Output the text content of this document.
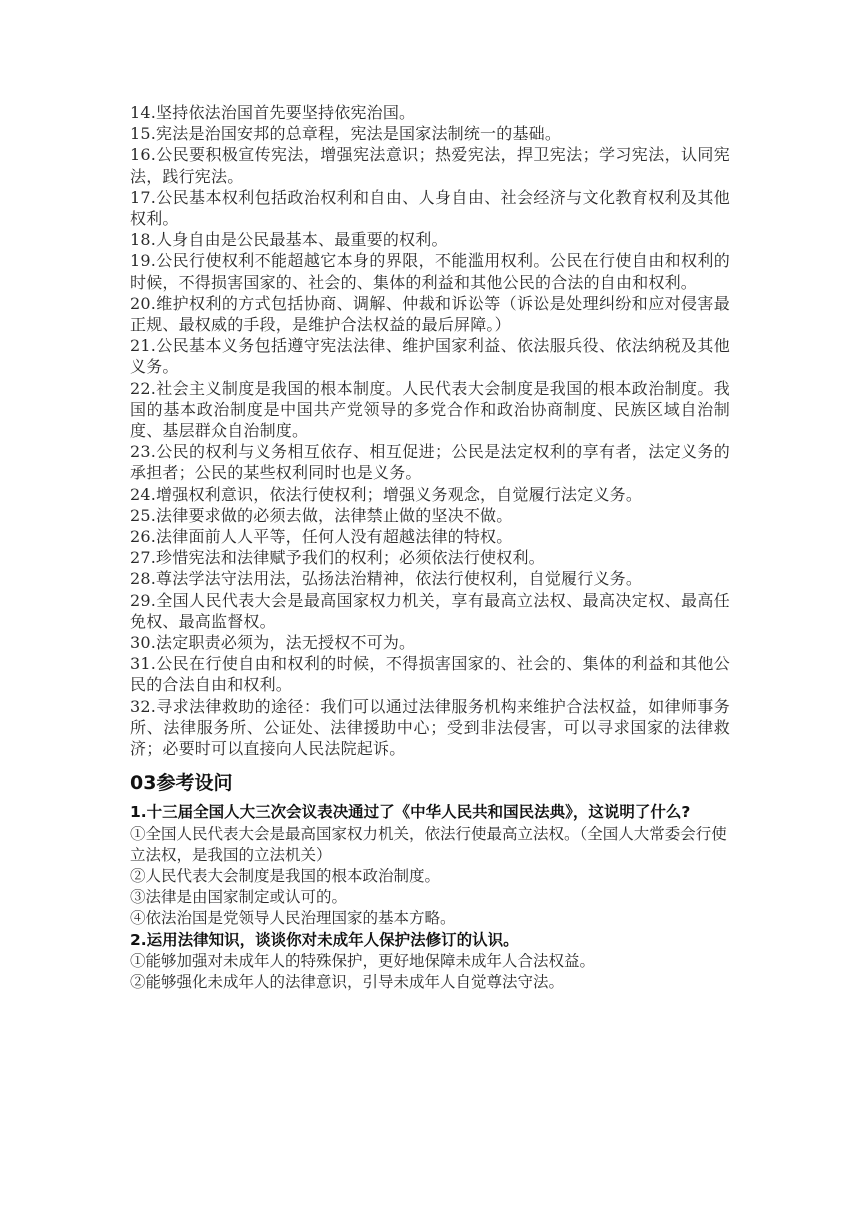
14.坚持依法治国首先要坚持依宪治国。

15.宪法是治国安邦的总章程，宪法是国家法制统一的基础。

16.公民要积极宣传宪法，增强宪法意识；热爱宪法，捍卫宪法；学习宪法，认同宪法，践行宪法。

17.公民基本权利包括政治权利和自由、人身自由、社会经济与文化教育权利及其他权利。

18.人身自由是公民最基本、最重要的权利。

19.公民行使权利不能超越它本身的界限，不能滥用权利。公民在行使自由和权利的时候，不得损害国家的、社会的、集体的利益和其他公民的合法的自由和权利。

20.维护权利的方式包括协商、调解、仲裁和诉讼等（诉讼是处理纠纷和应对侵害最正规、最权威的手段，是维护合法权益的最后屏障。）

21.公民基本义务包括遵守宪法法律、维护国家利益、依法服兵役、依法纳税及其他义务。

22.社会主义制度是我国的根本制度。人民代表大会制度是我国的根本政治制度。我国的基本政治制度是中国共产党领导的多党合作和政治协商制度、民族区域自治制度、基层群众自治制度。

23.公民的权利与义务相互依存、相互促进；公民是法定权利的享有者，法定义务的承担者；公民的某些权利同时也是义务。

24.增强权利意识，依法行使权利；增强义务观念，自觉履行法定义务。

25.法律要求做的必须去做，法律禁止做的坚决不做。

26.法律面前人人平等，任何人没有超越法律的特权。

27.珍惜宪法和法律赋予我们的权利；必须依法行使权利。

28.尊法学法守法用法，弘扬法治精神，依法行使权利，自觉履行义务。

29.全国人民代表大会是最高国家权力机关，享有最高立法权、最高决定权、最高任免权、最高监督权。

30.法定职责必须为，法无授权不可为。

31.公民在行使自由和权利的时候，不得损害国家的、社会的、集体的利益和其他公民的合法自由和权利。

32.寻求法律救助的途径：我们可以通过法律服务机构来维护合法权益，如律师事务所、法律服务所、公证处、法律援助中心；受到非法侵害，可以寻求国家的法律救济；必要时可以直接向人民法院起诉。

03参考设问

1.十三届全国人大三次会议表决通过了《中华人民共和国民法典》，这说明了什么?

①全国人民代表大会是最高国家权力机关，依法行使最高立法权。（全国人大常委会行使立法权，是我国的立法机关）

②人民代表大会制度是我国的根本政治制度。

③法律是由国家制定或认可的。

④依法治国是党领导人民治理国家的基本方略。

2.运用法律知识，谈谈你对未成年人保护法修订的认识。

①能够加强对未成年人的特殊保护，更好地保障未成年人合法权益。

②能够强化未成年人的法律意识，引导未成年人自觉尊法守法。
